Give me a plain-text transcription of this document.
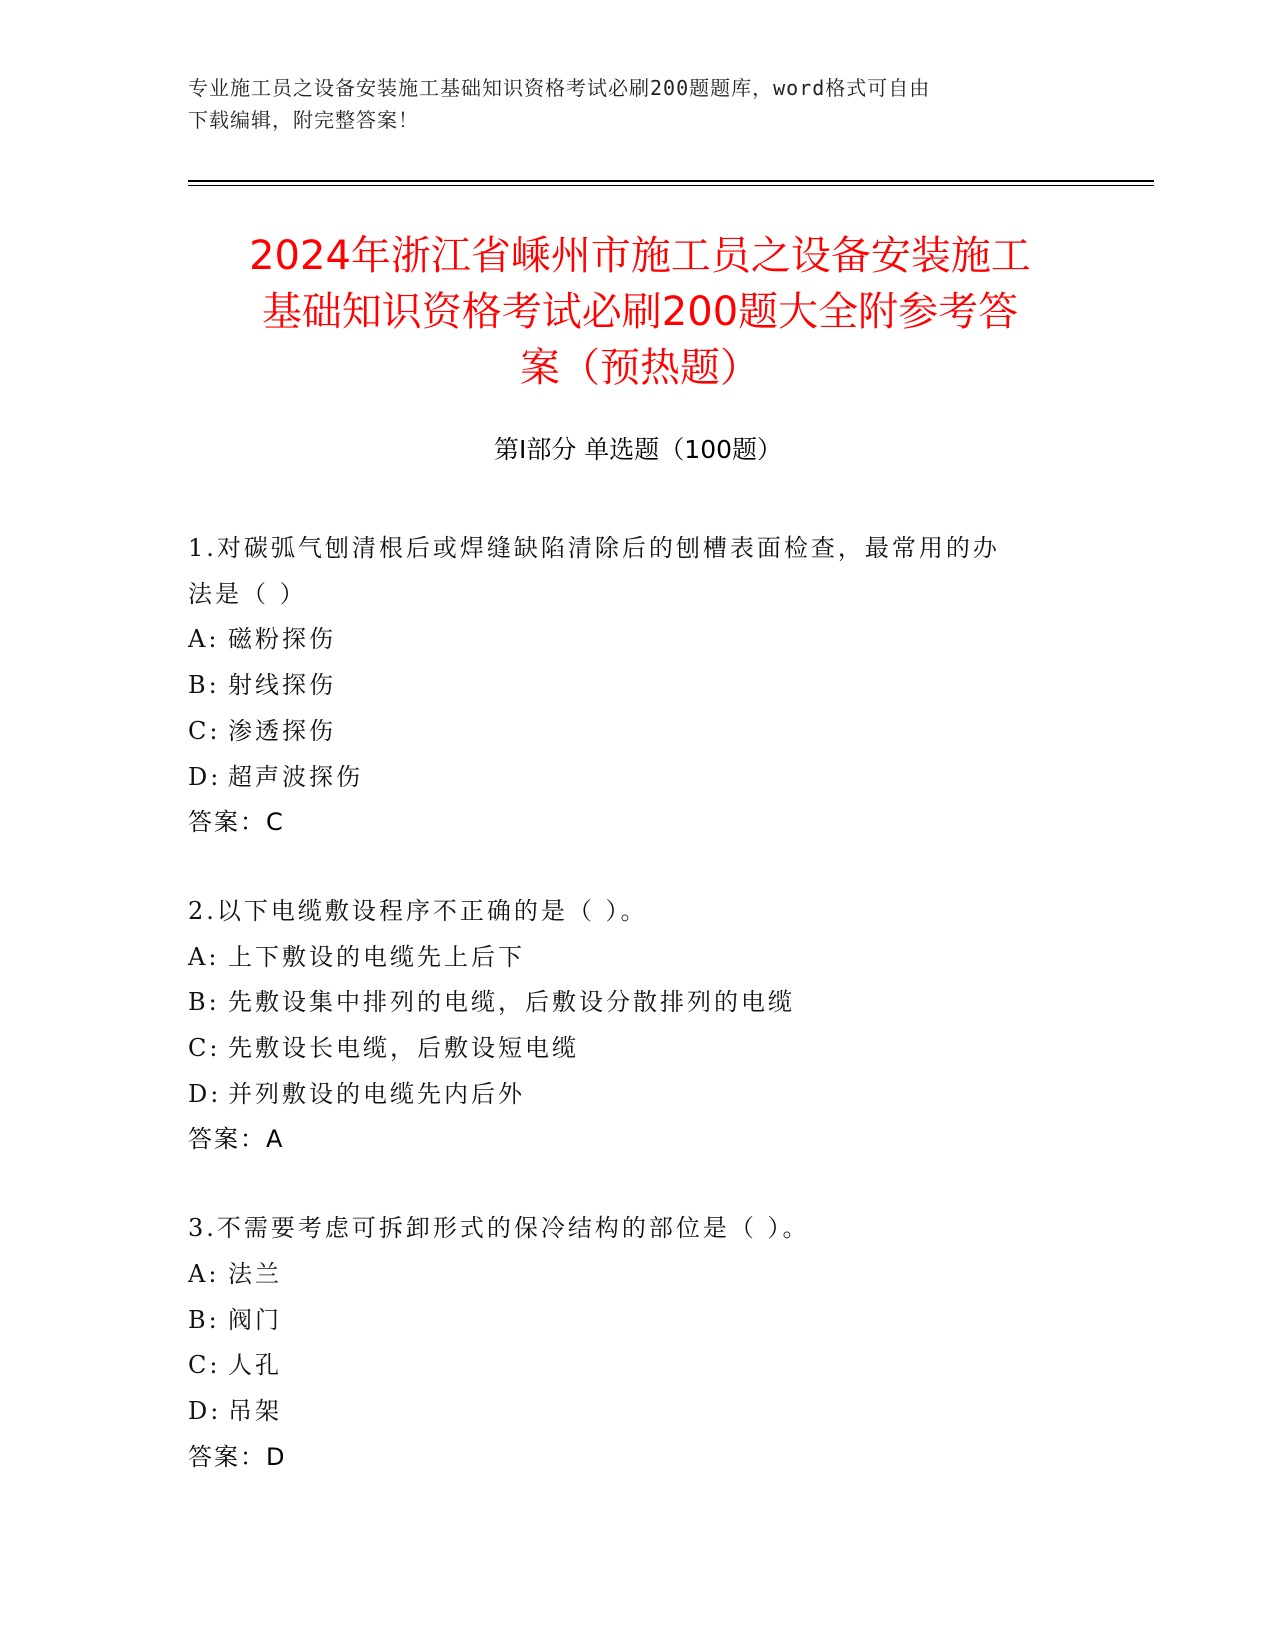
专业施工员之设备安装施工基础知识资格考试必刷200题题库，word格式可自由
下载编辑，附完整答案！
2024年浙江省嵊州市施工员之设备安装施工
基础知识资格考试必刷200题大全附参考答
案（预热题）
第Ⅰ部分 单选题（100题）
1.对碳弧气刨清根后或焊缝缺陷清除后的刨槽表面检查，最常用的办
法是（ ）
A: 磁粉探伤
B: 射线探伤
C: 渗透探伤
D: 超声波探伤
答案：C
2.以下电缆敷设程序不正确的是（ ）。
A: 上下敷设的电缆先上后下
B: 先敷设集中排列的电缆，后敷设分散排列的电缆
C: 先敷设长电缆，后敷设短电缆
D: 并列敷设的电缆先内后外
答案：A
3.不需要考虑可拆卸形式的保冷结构的部位是（ ）。
A: 法兰
B: 阀门
C: 人孔
D: 吊架
答案：D
